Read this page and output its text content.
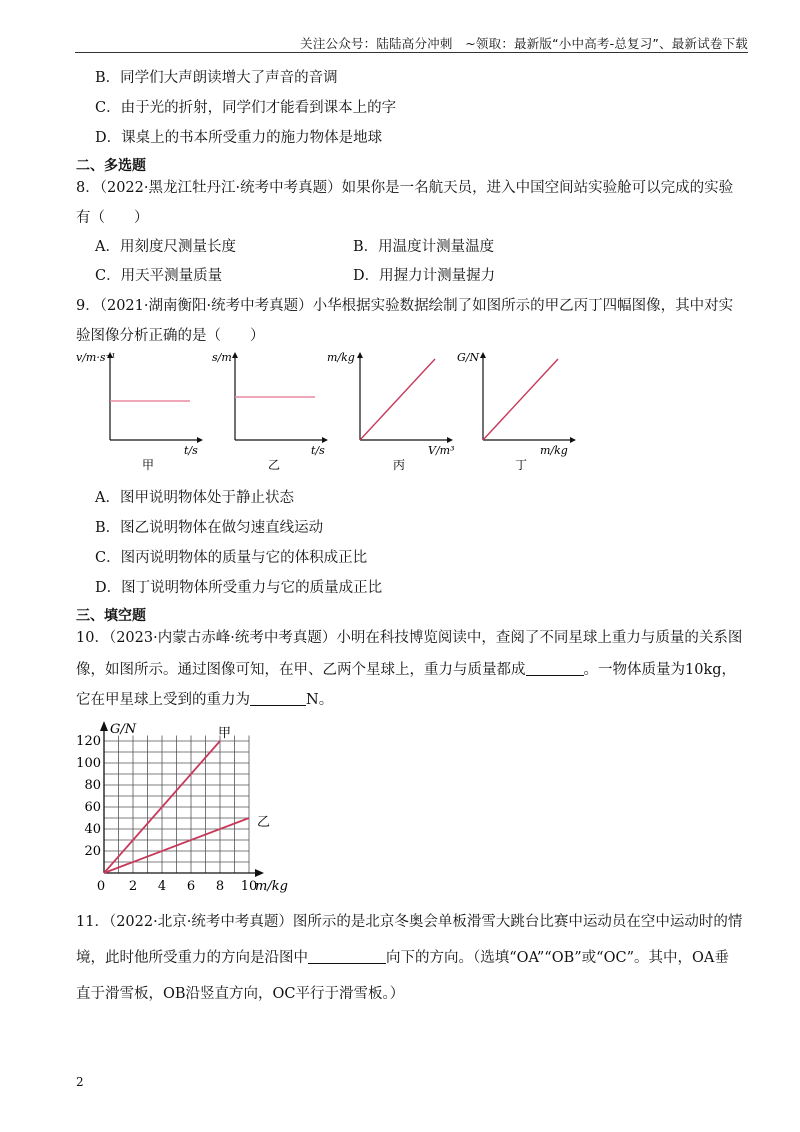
关注公众号：陆陆高分冲刺　~领取：最新版“小中高考-总复习”、最新试卷下载
B．同学们大声朗读增大了声音的音调
C．由于光的折射，同学们才能看到课本上的字
D．课桌上的书本所受重力的施力物体是地球
二、多选题
8．（2022·黑龙江牡丹江·统考中考真题）如果你是一名航天员，进入中国空间站实验舱可以完成的实验
有（　　）
A．用刻度尺测量长度	B．用温度计测量温度
C．用天平测量质量	D．用握力计测量握力
9．（2021·湖南衡阳·统考中考真题）小华根据实验数据绘制了如图所示的甲乙丙丁四幅图像，其中对实
验图像分析正确的是（　　）
v/m·s⁻¹
t/s
甲
s/m
t/s
乙
m/kg
V/m³
丙
G/N
m/kg
丁
A．图甲说明物体处于静止状态
B．图乙说明物体在做匀速直线运动
C．图丙说明物体的质量与它的体积成正比
D．图丁说明物体所受重力与它的质量成正比
三、填空题
10．（2023·内蒙古赤峰·统考中考真题）小明在科技博览阅读中，查阅了不同星球上重力与质量的关系图
像，如图所示。通过图像可知，在甲、乙两个星球上，重力与质量都成	。一物体质量为10kg，
它在甲星球上受到的重力为	N。
20
40
60
80
100
120
0 2 4 6 8 10
G/N
m/kg
甲
乙
11．（2022·北京·统考中考真题）图所示的是北京冬奥会单板滑雪大跳台比赛中运动员在空中运动时的情
境，此时他所受重力的方向是沿图中	向下的方向。（选填“OA”“OB”或“OC”。其中，OA垂
直于滑雪板，OB沿竖直方向，OC平行于滑雪板。）
2
